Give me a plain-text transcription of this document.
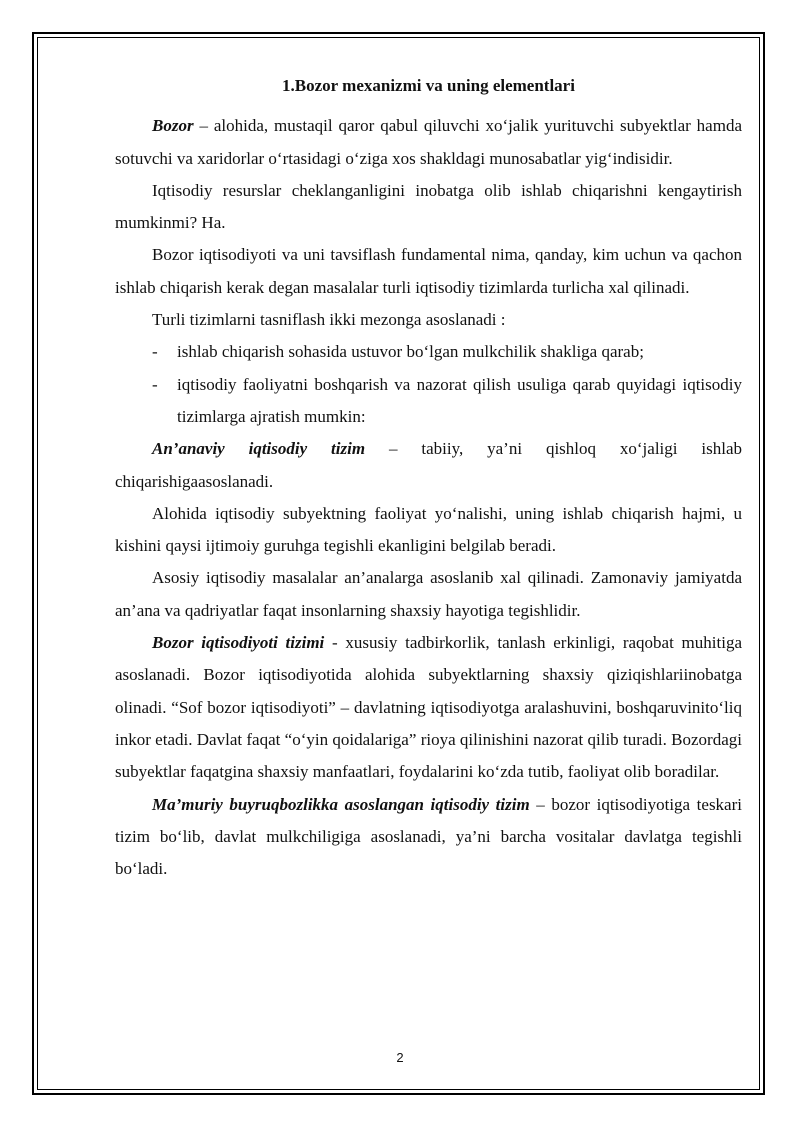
1.Bozor mexanizmi va uning elementlari

Bozor – alohida, mustaqil qaror qabul qiluvchi xo‘jalik yurituvchi subyektlar hamda sotuvchi va xaridorlar o‘rtasidagi o‘ziga xos shakldagi munosabatlar yig‘indisidir.

Iqtisodiy resurslar cheklanganligini inobatga olib ishlab chiqarishni kengaytirish mumkinmi? Ha.

Bozor iqtisodiyoti va uni tavsiflash fundamental nima, qanday, kim uchun va qachon ishlab chiqarish kerak degan masalalar turli iqtisodiy tizimlarda turlicha xal qilinadi.

Turli tizimlarni tasniflash ikki mezonga asoslanadi :

- ishlab chiqarish sohasida ustuvor bo‘lgan mulkchilik shakliga qarab;
- iqtisodiy faoliyatni boshqarish va nazorat qilish usuliga qarab quyidagi iqtisodiy tizimlarga ajratish mumkin:

An’anaviy iqtisodiy tizim – tabiiy, ya’ni qishloq xo‘jaligi ishlab chiqarishigaasoslanadi.

Alohida iqtisodiy subyektning faoliyat yo‘nalishi, uning ishlab chiqarish hajmi, u kishini qaysi ijtimoiy guruhga tegishli ekanligini belgilab beradi.

Asosiy iqtisodiy masalalar an’analarga asoslanib xal qilinadi. Zamonaviy jamiyatda an’ana va qadriyatlar faqat insonlarning shaxsiy hayotiga tegishlidir.

Bozor iqtisodiyoti tizimi - xususiy tadbirkorlik, tanlash erkinligi, raqobat muhitiga asoslanadi. Bozor iqtisodiyotida alohida subyektlarning shaxsiy qiziqishlariinobatga olinadi. “Sof bozor iqtisodiyoti” – davlatning iqtisodiyotga aralashuvini, boshqaruvinito‘liq inkor etadi. Davlat faqat “o‘yin qoidalariga” rioya qilinishini nazorat qilib turadi. Bozordagi subyektlar faqatgina shaxsiy manfaatlari, foydalarini ko‘zda tutib, faoliyat olib boradilar.

Ma’muriy buyruqbozlikka asoslangan iqtisodiy tizim – bozor iqtisodiyotiga teskari tizim bo‘lib, davlat mulkchiligiga asoslanadi, ya’ni barcha vositalar davlatga tegishli bo‘ladi.

2
